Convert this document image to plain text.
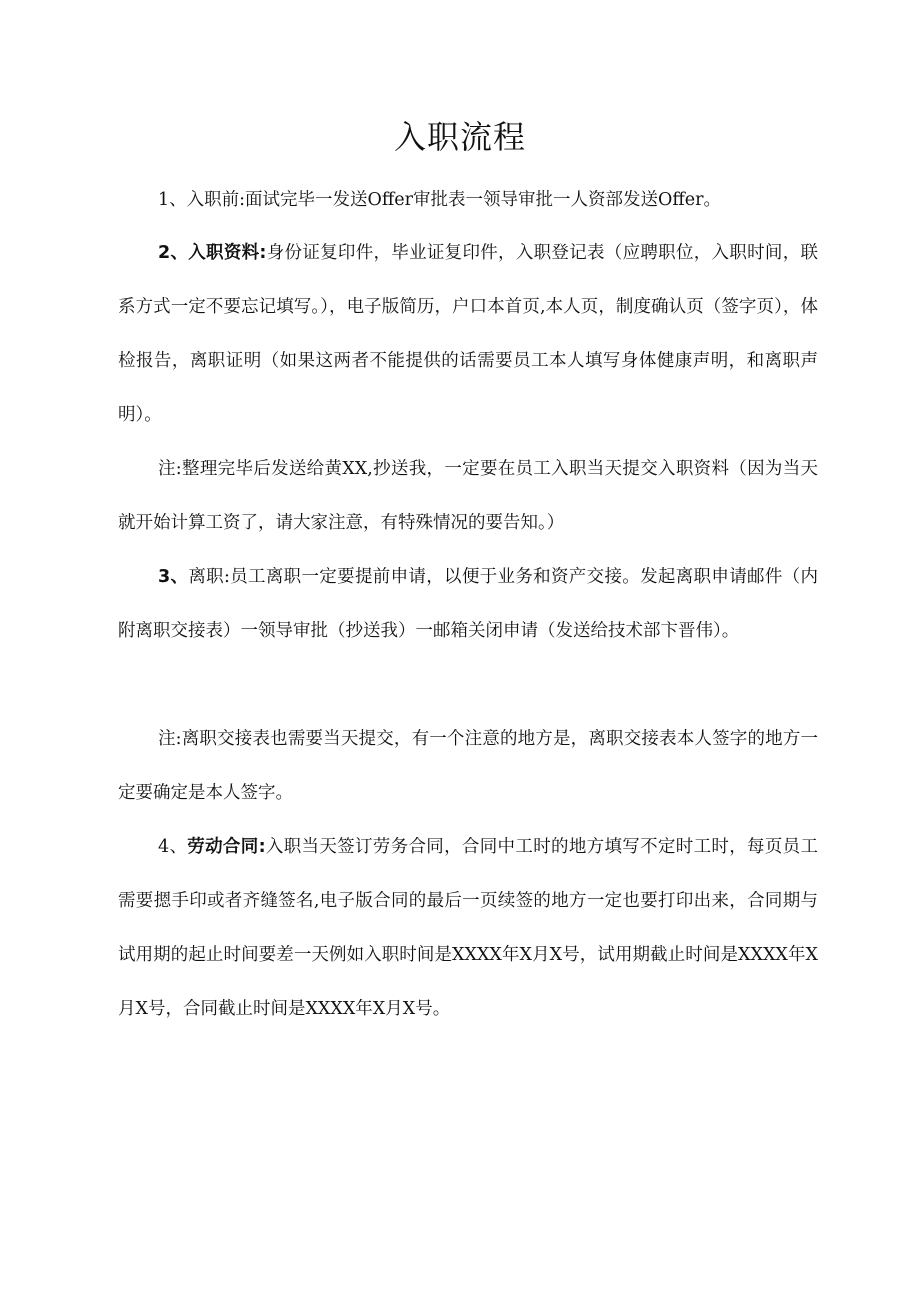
入职流程

1、入职前:面试完毕一发送Offer审批表一领导审批一人资部发送Offer。

2、入职资料:身份证复印件，毕业证复印件，入职登记表（应聘职位，入职时间，联系方式一定不要忘记填写。），电子版简历，户口本首页,本人页，制度确认页（签字页），体检报告，离职证明（如果这两者不能提供的话需要员工本人填写身体健康声明，和离职声明）。

注:整理完毕后发送给黄XX,抄送我，一定要在员工入职当天提交入职资料（因为当天就开始计算工资了，请大家注意，有特殊情况的要告知。）

3、离职:员工离职一定要提前申请，以便于业务和资产交接。发起离职申请邮件（内附离职交接表）一领导审批（抄送我）一邮箱关闭申请（发送给技术部卞晋伟）。

注:离职交接表也需要当天提交，有一个注意的地方是，离职交接表本人签字的地方一定要确定是本人签字。

4、劳动合同:入职当天签订劳务合同，合同中工时的地方填写不定时工时，每页员工需要摁手印或者齐缝签名,电子版合同的最后一页续签的地方一定也要打印出来，合同期与试用期的起止时间要差一天例如入职时间是XXXX年X月X号，试用期截止时间是XXXX年X月X号，合同截止时间是XXXX年X月X号。
